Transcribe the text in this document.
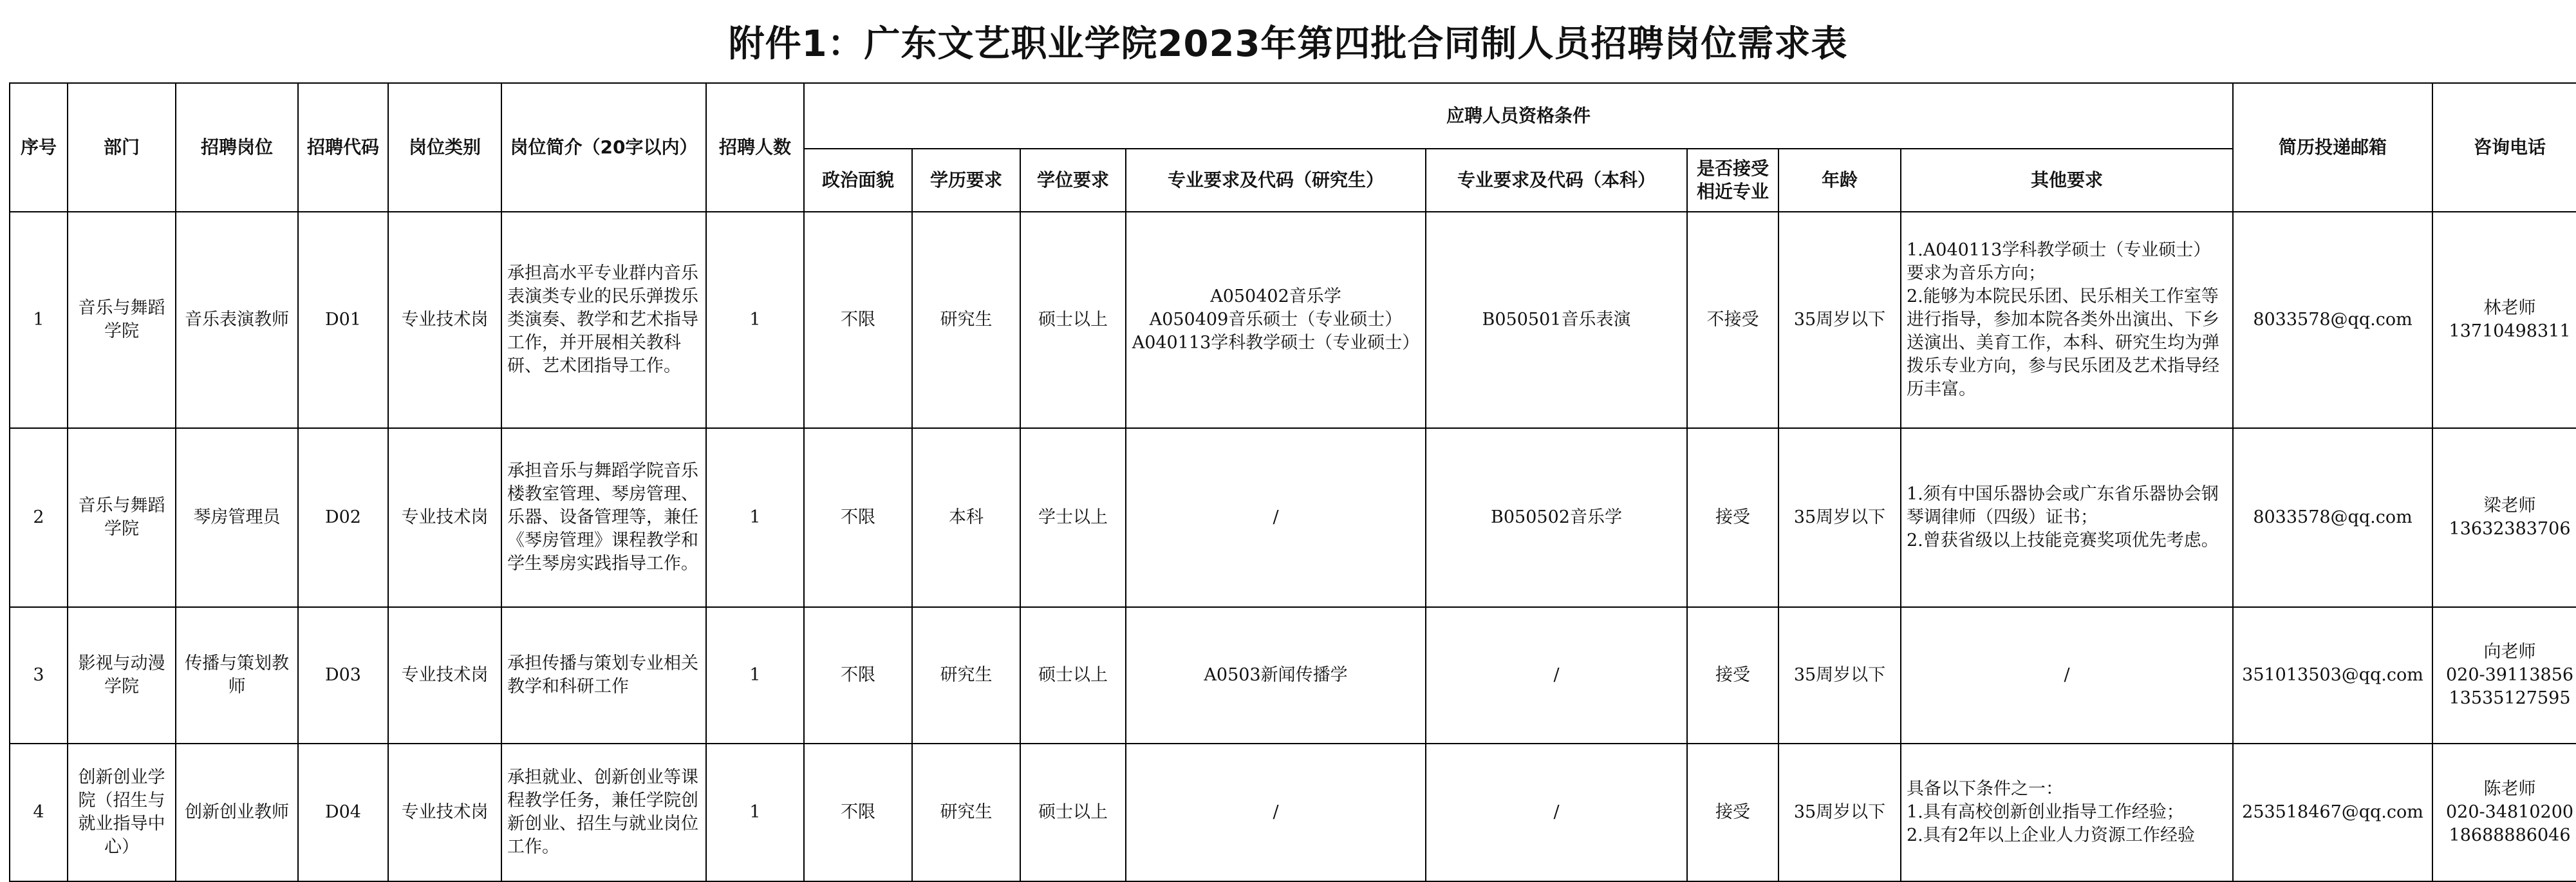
附件1：广东文艺职业学院2023年第四批合同制人员招聘岗位需求表
序号	部门	招聘岗位	招聘代码	岗位类别	岗位简介（20字以内）	招聘人数	应聘人员资格条件								简历投递邮箱	咨询电话
							政治面貌	学历要求	学位要求	专业要求及代码（研究生）	专业要求及代码（本科）	是否接受相近专业	年龄	其他要求		
1	音乐与舞蹈学院	音乐表演教师	D01	专业技术岗	承担高水平专业群内音乐表演类专业的民乐弹拨乐类演奏、教学和艺术指导工作，并开展相关教科研、艺术团指导工作。	1	不限	研究生	硕士以上	A050402音乐学
A050409音乐硕士（专业硕士）
A040113学科教学硕士（专业硕士）	B050501音乐表演	不接受	35周岁以下	1.A040113学科教学硕士（专业硕士）要求为音乐方向；
2.能够为本院民乐团、民乐相关工作室等进行指导，参加本院各类外出演出、下乡送演出、美育工作，本科、研究生均为弹拨乐专业方向，参与民乐团及艺术指导经历丰富。	8033578@qq.com	林老师
13710498311
2	音乐与舞蹈学院	琴房管理员	D02	专业技术岗	承担音乐与舞蹈学院音乐楼教室管理、琴房管理、乐器、设备管理等，兼任《琴房管理》课程教学和学生琴房实践指导工作。	1	不限	本科	学士以上	/	B050502音乐学	接受	35周岁以下	1.须有中国乐器协会或广东省乐器协会钢琴调律师（四级）证书；
2.曾获省级以上技能竞赛奖项优先考虑。	8033578@qq.com	梁老师
13632383706
3	影视与动漫学院	传播与策划教师	D03	专业技术岗	承担传播与策划专业相关教学和科研工作	1	不限	研究生	硕士以上	A0503新闻传播学	/	接受	35周岁以下	/	351013503@qq.com	向老师
020-39113856
13535127595
4	创新创业学院（招生与就业指导中心）	创新创业教师	D04	专业技术岗	承担就业、创新创业等课程教学任务，兼任学院创新创业、招生与就业岗位工作。	1	不限	研究生	硕士以上	/	/	接受	35周岁以下	具备以下条件之一：
1.具有高校创新创业指导工作经验；
2.具有2年以上企业人力资源工作经验	253518467@qq.com	陈老师
020-34810200
18688886046
